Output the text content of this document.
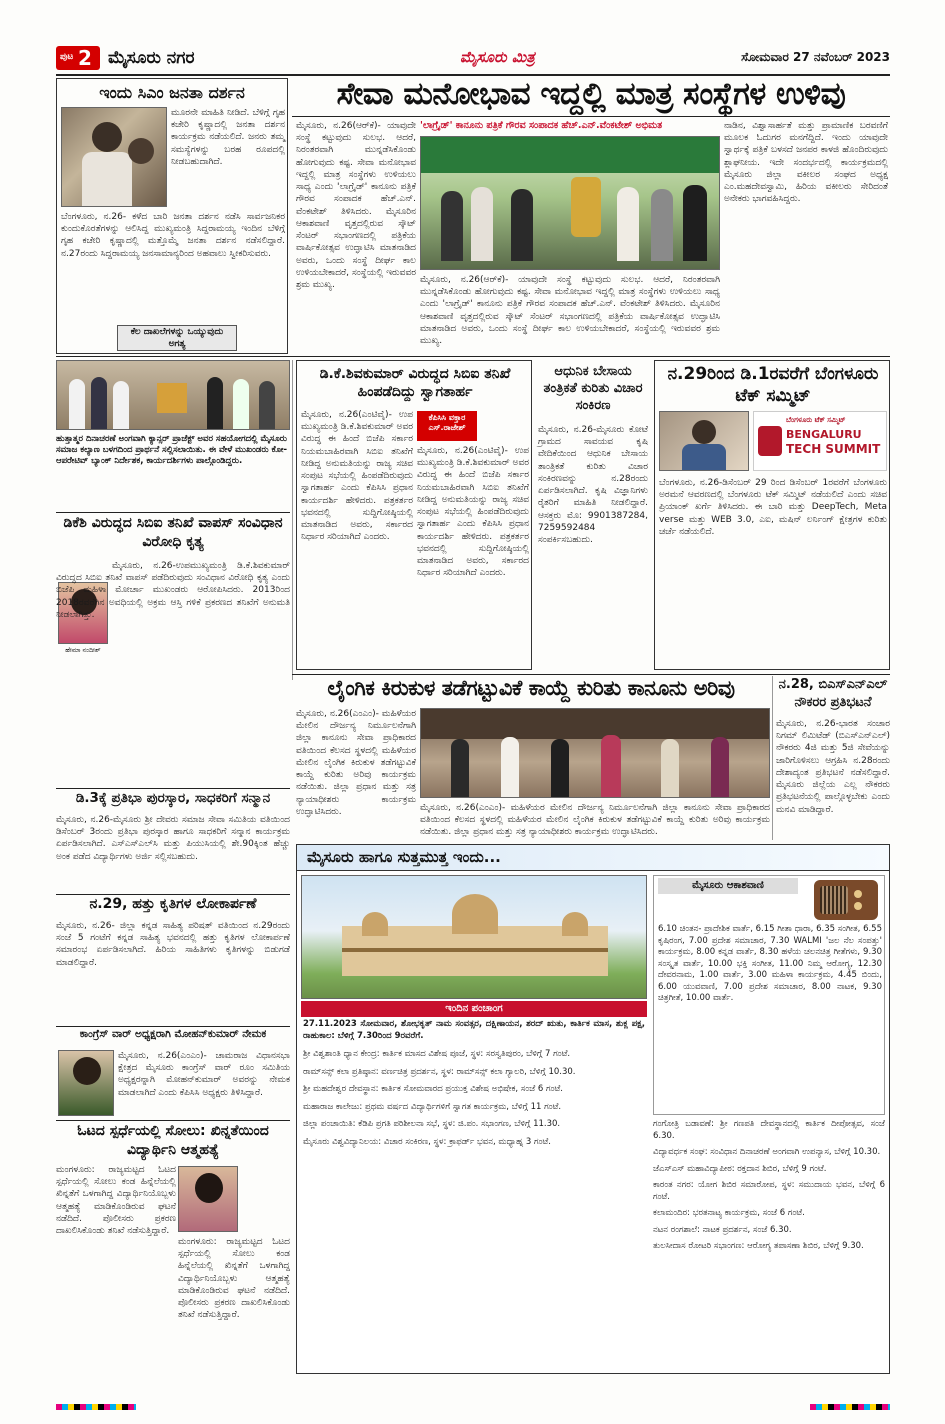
ಪುಟ 2 ಮೈಸೂರು ನಗರ	ಮೈಸೂರು ಮಿತ್ರ	ಸೋಮವಾರ 27 ನವೆಂಬರ್ 2023
ಇಂದು ಸಿಎಂ ಜನತಾ ದರ್ಶನ
ಮೂರನೇ ಮಾಹಿತಿ ನೀಡಿದೆ. ಬೆಳಿಗ್ಗೆ ಗೃಹ ಕಚೇರಿ ಕೃಷ್ಣಾದಲ್ಲಿ ಜನತಾ ದರ್ಶನ ಕಾರ್ಯಕ್ರಮ ನಡೆಯಲಿದೆ. ಜನರು ತಮ್ಮ ಸಮಸ್ಯೆಗಳನ್ನು ಬರಹ ರೂಪದಲ್ಲಿ ನೀಡಬಹುದಾಗಿದೆ.
ಬೆಂಗಳೂರು, ನ.26- ಕಳೆದ ಬಾರಿ ಜನತಾ ದರ್ಶನ ನಡೆಸಿ ಸಾರ್ವಜನಿಕರ ಕುಂದುಕೊರತೆಗಳನ್ನು ಆಲಿಸಿದ್ದ ಮುಖ್ಯಮಂತ್ರಿ ಸಿದ್ದರಾಮಯ್ಯ ಇಂದಿನ ಬೆಳಿಗ್ಗೆ ಗೃಹ ಕಚೇರಿ ಕೃಷ್ಣಾದಲ್ಲಿ ಮತ್ತೊಮ್ಮೆ ಜನತಾ ದರ್ಶನ ನಡೆಸಲಿದ್ದಾರೆ. ನ.27ರಂದು ಸಿದ್ದರಾಮಯ್ಯ ಜನಸಾಮಾನ್ಯರಿಂದ ಅಹವಾಲು ಸ್ವೀಕರಿಸುವರು.
ಕೆಲ ದಾಖಲೆಗಳನ್ನು ಒಯ್ಯುವುದು ಅಗತ್ಯ
ಸೇವಾ ಮನೋಭಾವ ಇದ್ದಲ್ಲಿ ಮಾತ್ರ ಸಂಸ್ಥೆಗಳ ಉಳಿವು
ಮೈಸೂರು, ನ.26(ಆರ್‌ಕೆ)- ಯಾವುದೇ ಸಂಸ್ಥೆ ಕಟ್ಟುವುದು ಸುಲಭ. ಆದರೆ, ನಿರಂತರವಾಗಿ ಮುನ್ನಡೆಸಿಕೊಂಡು ಹೋಗುವುದು ಕಷ್ಟ. ಸೇವಾ ಮನೋಭಾವ ಇದ್ದಲ್ಲಿ ಮಾತ್ರ ಸಂಸ್ಥೆಗಳು ಉಳಿಯಲು ಸಾಧ್ಯ ಎಂದು 'ಲಾಗ್ರೈಡ್' ಕಾನೂನು ಪತ್ರಿಕೆ ಗೌರವ ಸಂಪಾದಕ ಹೆಚ್.ಎನ್. ವೆಂಕಟೇಶ್ ತಿಳಿಸಿದರು. ಮೈಸೂರಿನ ಆಕಾಶವಾಣಿ ವೃತ್ತದಲ್ಲಿರುವ ಸ್ಕೌಟ್ ಸೆಂಟರ್ ಸಭಾಂಗಣದಲ್ಲಿ ಪತ್ರಿಕೆಯ ವಾರ್ಷಿಕೋತ್ಸವ ಉದ್ಘಾಟಿಸಿ ಮಾತನಾಡಿದ ಅವರು, ಒಂದು ಸಂಸ್ಥೆ ದೀರ್ಘ ಕಾಲ ಉಳಿಯಬೇಕಾದರೆ, ಸಂಸ್ಥೆಯಲ್ಲಿ ಇರುವವರ ಶ್ರಮ ಮುಖ್ಯ.
'ಲಾಗ್ರೈಡ್' ಕಾನೂನು ಪತ್ರಿಕೆ ಗೌರವ ಸಂಪಾದಕ ಹೆಚ್.ಎನ್.ವೆಂಕಟೇಶ್ ಅಭಿಮತ	ನಾಡಿನ, ವಿಶ್ವಾಸಾರ್ಹತೆ ಮತ್ತು ಪ್ರಾಮಾಣಿಕ ಬರವಣಿಗೆ ಮೂಲಕ ಓದುಗರ ಮನಗೆದ್ದಿದೆ. ಇಂದು ಯಾವುದೇ ಸ್ವಾರ್ಥಕ್ಕೆ ಪತ್ರಿಕೆ ಬಳಸದೆ ಜನಪರ ಕಾಳಜಿ ಹೊಂದಿರುವುದು ಶ್ಲಾಘನೀಯ. ಇದೇ ಸಂದರ್ಭದಲ್ಲಿ ಕಾರ್ಯಕ್ರಮದಲ್ಲಿ ಮೈಸೂರು ಜಿಲ್ಲಾ ವಕೀಲರ ಸಂಘದ ಅಧ್ಯಕ್ಷ ಎಂ.ಮಹದೇವಸ್ವಾಮಿ, ಹಿರಿಯ ವಕೀಲರು ಸೇರಿದಂತೆ ಅನೇಕರು ಭಾಗವಹಿಸಿದ್ದರು.
ಮೈಸೂರು, ನ.26(ಆರ್‌ಕೆ)- ಯಾವುದೇ ಸಂಸ್ಥೆ ಕಟ್ಟುವುದು ಸುಲಭ. ಆದರೆ, ನಿರಂತರವಾಗಿ ಮುನ್ನಡೆಸಿಕೊಂಡು ಹೋಗುವುದು ಕಷ್ಟ. ಸೇವಾ ಮನೋಭಾವ ಇದ್ದಲ್ಲಿ ಮಾತ್ರ ಸಂಸ್ಥೆಗಳು ಉಳಿಯಲು ಸಾಧ್ಯ ಎಂದು 'ಲಾಗ್ರೈಡ್' ಕಾನೂನು ಪತ್ರಿಕೆ ಗೌರವ ಸಂಪಾದಕ ಹೆಚ್.ಎನ್. ವೆಂಕಟೇಶ್ ತಿಳಿಸಿದರು. ಮೈಸೂರಿನ ಆಕಾಶವಾಣಿ ವೃತ್ತದಲ್ಲಿರುವ ಸ್ಕೌಟ್ ಸೆಂಟರ್ ಸಭಾಂಗಣದಲ್ಲಿ ಪತ್ರಿಕೆಯ ವಾರ್ಷಿಕೋತ್ಸವ ಉದ್ಘಾಟಿಸಿ ಮಾತನಾಡಿದ ಅವರು, ಒಂದು ಸಂಸ್ಥೆ ದೀರ್ಘ ಕಾಲ ಉಳಿಯಬೇಕಾದರೆ, ಸಂಸ್ಥೆಯಲ್ಲಿ ಇರುವವರ ಶ್ರಮ ಮುಖ್ಯ.
ಹುತ್ತಾತ್ಮರ ದಿನಾಚರಣೆ ಅಂಗವಾಗಿ ಕ್ಯಾನ್ಸರ್ ಪ್ರಾಜೆಕ್ಟ್ ಅವರ ಸಹಯೋಗದಲ್ಲಿ ಮೈಸೂರು ಸಮಾಜ ಕಲ್ಯಾಣ ಬಳಗದಿಂದ ಪ್ರಾರ್ಥನೆ ಸಲ್ಲಿಸಲಾಯಿತು. ಈ ವೇಳೆ ಮುಖಂಡರು ಕೋ-ಆಪರೇಟಿವ್ ಬ್ಯಾಂಕ್ ನಿರ್ದೇಶಕ, ಕಾರ್ಯದರ್ಶಿಗಳು ಪಾಲ್ಗೊಂಡಿದ್ದರು.
ಡಿ.ಕೆ.ಶಿವಕುಮಾರ್ ವಿರುದ್ಧದ ಸಿಬಿಐ ತನಿಖೆ ಹಿಂಪಡೆದಿದ್ದು ಸ್ವಾಗತಾರ್ಹ
ಮೈಸೂರು, ನ.26(ಎಂಟಿವೈ)- ಉಪ ಮುಖ್ಯಮಂತ್ರಿ ಡಿ.ಕೆ.ಶಿವಕುಮಾರ್ ಅವರ ವಿರುದ್ಧ ಈ ಹಿಂದೆ ಬಿಜೆಪಿ ಸರ್ಕಾರ ನಿಯಮಬಾಹಿರವಾಗಿ ಸಿಬಿಐ ತನಿಖೆಗೆ ನೀಡಿದ್ದ ಅನುಮತಿಯನ್ನು ರಾಜ್ಯ ಸಚಿವ ಸಂಪುಟ ಸಭೆಯಲ್ಲಿ ಹಿಂಪಡೆದಿರುವುದು ಸ್ವಾಗತಾರ್ಹ ಎಂದು ಕೆಪಿಸಿಸಿ ಪ್ರಧಾನ ಕಾರ್ಯದರ್ಶಿ ಹೇಳಿದರು. ಪತ್ರಕರ್ತರ ಭವನದಲ್ಲಿ ಸುದ್ದಿಗೋಷ್ಠಿಯಲ್ಲಿ ಮಾತನಾಡಿದ ಅವರು, ಸರ್ಕಾರದ ನಿರ್ಧಾರ ಸರಿಯಾಗಿದೆ ಎಂದರು.
ಕೆಪಿಸಿಸಿ ವಕ್ತಾರ ಎಸ್.ರಾಜೇಶ್
ಮೈಸೂರು, ನ.26(ಎಂಟಿವೈ)- ಉಪ ಮುಖ್ಯಮಂತ್ರಿ ಡಿ.ಕೆ.ಶಿವಕುಮಾರ್ ಅವರ ವಿರುದ್ಧ ಈ ಹಿಂದೆ ಬಿಜೆಪಿ ಸರ್ಕಾರ ನಿಯಮಬಾಹಿರವಾಗಿ ಸಿಬಿಐ ತನಿಖೆಗೆ ನೀಡಿದ್ದ ಅನುಮತಿಯನ್ನು ರಾಜ್ಯ ಸಚಿವ ಸಂಪುಟ ಸಭೆಯಲ್ಲಿ ಹಿಂಪಡೆದಿರುವುದು ಸ್ವಾಗತಾರ್ಹ ಎಂದು ಕೆಪಿಸಿಸಿ ಪ್ರಧಾನ ಕಾರ್ಯದರ್ಶಿ ಹೇಳಿದರು. ಪತ್ರಕರ್ತರ ಭವನದಲ್ಲಿ ಸುದ್ದಿಗೋಷ್ಠಿಯಲ್ಲಿ ಮಾತನಾಡಿದ ಅವರು, ಸರ್ಕಾರದ ನಿರ್ಧಾರ ಸರಿಯಾಗಿದೆ ಎಂದರು.
ಆಧುನಿಕ ಬೇಸಾಯ ತಂತ್ರಿಕತೆ ಕುರಿತು ವಿಚಾರ ಸಂಕಿರಣ
ಮೈಸೂರು, ನ.26-ಮೈಸೂರು ಕೋಟೆ ಗ್ರಾಮದ ಸಾವಯವ ಕೃಷಿ ವೇದಿಕೆಯಿಂದ ಆಧುನಿಕ ಬೇಸಾಯ ತಾಂತ್ರಿಕತೆ ಕುರಿತು ವಿಚಾರ ಸಂಕಿರಣವನ್ನು ನ.28ರಂದು ಏರ್ಪಡಿಸಲಾಗಿದೆ. ಕೃಷಿ ವಿಜ್ಞಾನಿಗಳು ರೈತರಿಗೆ ಮಾಹಿತಿ ನೀಡಲಿದ್ದಾರೆ. ಆಸಕ್ತರು ಮೊ: 9901387284, 7259592484 ಸಂಪರ್ಕಿಸಬಹುದು.
ನ.29ರಿಂದ ಡಿ.1ರವರೆಗೆ ಬೆಂಗಳೂರು ಟೆಕ್ ಸಮ್ಮಿಟ್
ಬೆಂಗಳೂರು ಟೆಕ್ ಸಮ್ಮಿಟ್
BENGALURU
TECH SUMMIT
ಬೆಂಗಳೂರು, ನ.26-ಡಿಸೆಂಬರ್ 29 ರಿಂದ ಡಿಸೆಂಬರ್ 1ರವರೆಗೆ ಬೆಂಗಳೂರು ಅರಮನೆ ಆವರಣದಲ್ಲಿ ಬೆಂಗಳೂರು ಟೆಕ್ ಸಮ್ಮಿಟ್ ನಡೆಯಲಿದೆ ಎಂದು ಸಚಿವ ಪ್ರಿಯಾಂಕ್ ಖರ್ಗೆ ತಿಳಿಸಿದರು. ಈ ಬಾರಿ ಮತ್ತು DeepTech, Meta verse ಮತ್ತು WEB 3.0, ಎಐ, ಮಷಿನ್ ಲರ್ನಿಂಗ್ ಕ್ಷೇತ್ರಗಳ ಕುರಿತು ಚರ್ಚೆ ನಡೆಯಲಿದೆ.
ಡಿಕೆಶಿ ವಿರುದ್ಧದ ಸಿಬಿಐ ತನಿಖೆ ವಾಪಸ್ ಸಂವಿಧಾನ ವಿರೋಧಿ ಕೃತ್ಯ
ಹೇಮಾ ನಂದೀಶ್
ಮೈಸೂರು, ನ.26-ಉಪಮುಖ್ಯಮಂತ್ರಿ ಡಿ.ಕೆ.ಶಿವಕುಮಾರ್ ವಿರುದ್ಧದ ಸಿಬಿಐ ತನಿಖೆ ವಾಪಸ್ ಪಡೆದಿರುವುದು ಸಂವಿಧಾನ ವಿರೋಧಿ ಕೃತ್ಯ ಎಂದು ಬಿಜೆಪಿ ಮಹಿಳಾ ಮೋರ್ಚಾ ಮುಖಂಡರು ಆರೋಪಿಸಿದರು. 2013ರಿಂದ 2018ರವರೆಗಿನ ಅವಧಿಯಲ್ಲಿ ಅಕ್ರಮ ಆಸ್ತಿ ಗಳಿಕೆ ಪ್ರಕರಣದ ತನಿಖೆಗೆ ಅನುಮತಿ ನೀಡಲಾಗಿತ್ತು.
ಡಿ.3ಕ್ಕೆ ಪ್ರತಿಭಾ ಪುರಸ್ಕಾರ, ಸಾಧಕರಿಗೆ ಸನ್ಮಾನ
ಮೈಸೂರು, ನ.26-ಮೈಸೂರು ಶ್ರೀ ದೇವರು ಸಮಾಜ ಸೇವಾ ಸಮಿತಿಯ ವತಿಯಿಂದ ಡಿಸೆಂಬರ್ 3ರಂದು ಪ್ರತಿಭಾ ಪುರಸ್ಕಾರ ಹಾಗೂ ಸಾಧಕರಿಗೆ ಸನ್ಮಾನ ಕಾರ್ಯಕ್ರಮ ಏರ್ಪಡಿಸಲಾಗಿದೆ. ಎಸ್‌ಎಸ್‌ಎಲ್‌ಸಿ ಮತ್ತು ಪಿಯುಸಿಯಲ್ಲಿ ಶೇ.90ಕ್ಕಿಂತ ಹೆಚ್ಚು ಅಂಕ ಪಡೆದ ವಿದ್ಯಾರ್ಥಿಗಳು ಅರ್ಜಿ ಸಲ್ಲಿಸಬಹುದು.
ನ.29, ಹತ್ತು ಕೃತಿಗಳ ಲೋಕಾರ್ಪಣೆ
ಮೈಸೂರು, ನ.26- ಜಿಲ್ಲಾ ಕನ್ನಡ ಸಾಹಿತ್ಯ ಪರಿಷತ್ ವತಿಯಿಂದ ನ.29ರಂದು ಸಂಜೆ 5 ಗಂಟೆಗೆ ಕನ್ನಡ ಸಾಹಿತ್ಯ ಭವನದಲ್ಲಿ ಹತ್ತು ಕೃತಿಗಳ ಲೋಕಾರ್ಪಣೆ ಸಮಾರಂಭ ಏರ್ಪಡಿಸಲಾಗಿದೆ. ಹಿರಿಯ ಸಾಹಿತಿಗಳು ಕೃತಿಗಳನ್ನು ಬಿಡುಗಡೆ ಮಾಡಲಿದ್ದಾರೆ.
ಕಾಂಗ್ರೆಸ್ ವಾರ್ ಅಧ್ಯಕ್ಷರಾಗಿ ಮೋಹನ್‌ಕುಮಾರ್ ನೇಮಕ
ಮೈಸೂರು, ನ.26(ಎಂಎಂ)- ಚಾಮರಾಜ ವಿಧಾನಸಭಾ ಕ್ಷೇತ್ರದ ಮೈಸೂರು ಕಾಂಗ್ರೆಸ್ ವಾರ್ ರೂಂ ಸಮಿತಿಯ ಅಧ್ಯಕ್ಷರನ್ನಾಗಿ ಮೋಹನ್‌ಕುಮಾರ್ ಅವರನ್ನು ನೇಮಕ ಮಾಡಲಾಗಿದೆ ಎಂದು ಕೆಪಿಸಿಸಿ ಅಧ್ಯಕ್ಷರು ತಿಳಿಸಿದ್ದಾರೆ.
ಓಟದ ಸ್ಪರ್ಧೆಯಲ್ಲಿ ಸೋಲು: ಖಿನ್ನತೆಯಿಂದ ವಿದ್ಯಾರ್ಥಿನಿ ಆತ್ಮಹತ್ಯೆ
ಮಂಗಳೂರು: ರಾಜ್ಯಮಟ್ಟದ ಓಟದ ಸ್ಪರ್ಧೆಯಲ್ಲಿ ಸೋಲು ಕಂಡ ಹಿನ್ನೆಲೆಯಲ್ಲಿ ಖಿನ್ನತೆಗೆ ಒಳಗಾಗಿದ್ದ ವಿದ್ಯಾರ್ಥಿನಿಯೊಬ್ಬಳು ಆತ್ಮಹತ್ಯೆ ಮಾಡಿಕೊಂಡಿರುವ ಘಟನೆ ನಡೆದಿದೆ. ಪೊಲೀಸರು ಪ್ರಕರಣ ದಾಖಲಿಸಿಕೊಂಡು ತನಿಖೆ ನಡೆಸುತ್ತಿದ್ದಾರೆ.
ಮಂಗಳೂರು: ರಾಜ್ಯಮಟ್ಟದ ಓಟದ ಸ್ಪರ್ಧೆಯಲ್ಲಿ ಸೋಲು ಕಂಡ ಹಿನ್ನೆಲೆಯಲ್ಲಿ ಖಿನ್ನತೆಗೆ ಒಳಗಾಗಿದ್ದ ವಿದ್ಯಾರ್ಥಿನಿಯೊಬ್ಬಳು ಆತ್ಮಹತ್ಯೆ ಮಾಡಿಕೊಂಡಿರುವ ಘಟನೆ ನಡೆದಿದೆ. ಪೊಲೀಸರು ಪ್ರಕರಣ ದಾಖಲಿಸಿಕೊಂಡು ತನಿಖೆ ನಡೆಸುತ್ತಿದ್ದಾರೆ.
ಲೈಂಗಿಕ ಕಿರುಕುಳ ತಡೆಗಟ್ಟುವಿಕೆ ಕಾಯ್ದೆ ಕುರಿತು ಕಾನೂನು ಅರಿವು
ಮೈಸೂರು, ನ.26(ಎಂಎಂ)- ಮಹಿಳೆಯರ ಮೇಲಿನ ದೌರ್ಜನ್ಯ ನಿರ್ಮೂಲನೆಗಾಗಿ ಜಿಲ್ಲಾ ಕಾನೂನು ಸೇವಾ ಪ್ರಾಧಿಕಾರದ ವತಿಯಿಂದ ಕೆಲಸದ ಸ್ಥಳದಲ್ಲಿ ಮಹಿಳೆಯರ ಮೇಲಿನ ಲೈಂಗಿಕ ಕಿರುಕುಳ ತಡೆಗಟ್ಟುವಿಕೆ ಕಾಯ್ದೆ ಕುರಿತು ಅರಿವು ಕಾರ್ಯಕ್ರಮ ನಡೆಯಿತು. ಜಿಲ್ಲಾ ಪ್ರಧಾನ ಮತ್ತು ಸತ್ರ ನ್ಯಾಯಾಧೀಶರು ಕಾರ್ಯಕ್ರಮ ಉದ್ಘಾಟಿಸಿದರು.	ಮೈಸೂರು, ನ.26(ಎಂಎಂ)- ಮಹಿಳೆಯರ ಮೇಲಿನ ದೌರ್ಜನ್ಯ ನಿರ್ಮೂಲನೆಗಾಗಿ ಜಿಲ್ಲಾ ಕಾನೂನು ಸೇವಾ ಪ್ರಾಧಿಕಾರದ ವತಿಯಿಂದ ಕೆಲಸದ ಸ್ಥಳದಲ್ಲಿ ಮಹಿಳೆಯರ ಮೇಲಿನ ಲೈಂಗಿಕ ಕಿರುಕುಳ ತಡೆಗಟ್ಟುವಿಕೆ ಕಾಯ್ದೆ ಕುರಿತು ಅರಿವು ಕಾರ್ಯಕ್ರಮ ನಡೆಯಿತು. ಜಿಲ್ಲಾ ಪ್ರಧಾನ ಮತ್ತು ಸತ್ರ ನ್ಯಾಯಾಧೀಶರು ಕಾರ್ಯಕ್ರಮ ಉದ್ಘಾಟಿಸಿದರು.
ನ.28, ಬಿಎಸ್‌ಎನ್‌ಎಲ್ ನೌಕರರ ಪ್ರತಿಭಟನೆ
ಮೈಸೂರು, ನ.26-ಭಾರತ ಸಂಚಾರ ನಿಗಮ್ ಲಿಮಿಟೆಡ್ (ಬಿಎಸ್‌ಎನ್‌ಎಲ್) ನೌಕರರು 4ಜಿ ಮತ್ತು 5ಜಿ ಸೇವೆಯನ್ನು ಜಾರಿಗೊಳಿಸಲು ಆಗ್ರಹಿಸಿ ನ.28ರಂದು ದೇಶಾದ್ಯಂತ ಪ್ರತಿಭಟನೆ ನಡೆಸಲಿದ್ದಾರೆ. ಮೈಸೂರು ಜಿಲ್ಲೆಯ ಎಲ್ಲ ನೌಕರರು ಪ್ರತಿಭಟನೆಯಲ್ಲಿ ಪಾಲ್ಗೊಳ್ಳಬೇಕು ಎಂದು ಮನವಿ ಮಾಡಿದ್ದಾರೆ.
ಮೈಸೂರು ಹಾಗೂ ಸುತ್ತಮುತ್ತ ಇಂದು...
ಇಂದಿನ ಪಂಚಾಂಗ
27.11.2023 ಸೋಮವಾರ, ಶೋಭಕೃತ್ ನಾಮ ಸಂವತ್ಸರ, ದಕ್ಷಿಣಾಯನ, ಶರದ್ ಋತು, ಕಾರ್ತಿಕ ಮಾಸ, ಶುಕ್ಲ ಪಕ್ಷ, ರಾಹುಕಾಲ: ಬೆಳಿಗ್ಗೆ 7.30ರಿಂದ 9ರವರೆಗೆ.
ಮೈಸೂರು ಆಕಾಶವಾಣಿ
6.10 ಚಿಂತನ- ಪ್ರಾದೇಶಿಕ ವಾರ್ತೆ, 6.15 ಗೀತಾ ಧಾರಾ, 6.35 ಸಂಗೀತ, 6.55 ಕೃಷಿರಂಗ, 7.00 ಪ್ರದೇಶ ಸಮಾಚಾರ, 7.30 WALMI 'ಜಲ ನೆಲ ಸಂಪತ್ತು' ಕಾರ್ಯಕ್ರಮ, 8.00 ಕನ್ನಡ ವಾರ್ತೆ, 8.30 ಹಳೆಯ ಚಲನಚಿತ್ರ ಗೀತೆಗಳು, 9.30 ಸಂಸ್ಕೃತ ವಾರ್ತೆ, 10.00 ಭಕ್ತಿ ಸಂಗೀತ, 11.00 ನಿಮ್ಮ ಆರೋಗ್ಯ, 12.30 ದೇವರನಾಮ, 1.00 ವಾರ್ತೆ, 3.00 ಮಹಿಳಾ ಕಾರ್ಯಕ್ರಮ, 4.45 ಬಿಂದು, 6.00 ಯುವವಾಣಿ, 7.00 ಪ್ರದೇಶ ಸಮಾಚಾರ, 8.00 ನಾಟಕ, 9.30 ಚಿತ್ರಗೀತೆ, 10.00 ವಾರ್ತೆ.
ಶ್ರೀ ವಿಶ್ವಶಾಂತಿ ಧ್ಯಾನ ಕೇಂದ್ರ: ಕಾರ್ತಿಕ ಮಾಸದ ವಿಶೇಷ ಪೂಜೆ, ಸ್ಥಳ: ಸರಸ್ವತಿಪುರಂ, ಬೆಳಿಗ್ಗೆ 7 ಗಂಟೆ.
ರಾಮ್‌ಸನ್ಸ್ ಕಲಾ ಪ್ರತಿಷ್ಠಾನ: ವರ್ಣಚಿತ್ರ ಪ್ರದರ್ಶನ, ಸ್ಥಳ: ರಾಮ್‌ಸನ್ಸ್ ಕಲಾ ಗ್ಯಾಲರಿ, ಬೆಳಿಗ್ಗೆ 10.30.
ಶ್ರೀ ಮಹದೇಶ್ವರ ದೇವಸ್ಥಾನ: ಕಾರ್ತಿಕ ಸೋಮವಾರದ ಪ್ರಯುಕ್ತ ವಿಶೇಷ ಅಭಿಷೇಕ, ಸಂಜೆ 6 ಗಂಟೆ.
ಮಹಾರಾಜ ಕಾಲೇಜು: ಪ್ರಥಮ ವರ್ಷದ ವಿದ್ಯಾರ್ಥಿಗಳಿಗೆ ಸ್ವಾಗತ ಕಾರ್ಯಕ್ರಮ, ಬೆಳಿಗ್ಗೆ 11 ಗಂಟೆ.
ಜಿಲ್ಲಾ ಪಂಚಾಯಿತಿ: ಕೆಡಿಪಿ ಪ್ರಗತಿ ಪರಿಶೀಲನಾ ಸಭೆ, ಸ್ಥಳ: ಜಿ.ಪಂ. ಸಭಾಂಗಣ, ಬೆಳಿಗ್ಗೆ 11.30.
ಮೈಸೂರು ವಿಶ್ವವಿದ್ಯಾನಿಲಯ: ವಿಚಾರ ಸಂಕಿರಣ, ಸ್ಥಳ: ಕ್ರಾಫರ್ಡ್ ಭವನ, ಮಧ್ಯಾಹ್ನ 3 ಗಂಟೆ.
ಗಂಗೋತ್ರಿ ಬಡಾವಣೆ: ಶ್ರೀ ಗಣಪತಿ ದೇವಸ್ಥಾನದಲ್ಲಿ ಕಾರ್ತಿಕ ದೀಪೋತ್ಸವ, ಸಂಜೆ 6.30.
ವಿದ್ಯಾವರ್ಧಕ ಸಂಘ: ಸಂವಿಧಾನ ದಿನಾಚರಣೆ ಅಂಗವಾಗಿ ಉಪನ್ಯಾಸ, ಬೆಳಿಗ್ಗೆ 10.30.
ಜೆಎಸ್‌ಎಸ್ ಮಹಾವಿದ್ಯಾಪೀಠ: ರಕ್ತದಾನ ಶಿಬಿರ, ಬೆಳಿಗ್ಗೆ 9 ಗಂಟೆ.
ಕಾರಂತ ನಗರ: ಯೋಗ ಶಿಬಿರ ಸಮಾರೋಪ, ಸ್ಥಳ: ಸಮುದಾಯ ಭವನ, ಬೆಳಿಗ್ಗೆ 6 ಗಂಟೆ.
ಕಲಾಮಂದಿರ: ಭರತನಾಟ್ಯ ಕಾರ್ಯಕ್ರಮ, ಸಂಜೆ 6 ಗಂಟೆ.
ನಟನ ರಂಗಶಾಲೆ: ನಾಟಕ ಪ್ರದರ್ಶನ, ಸಂಜೆ 6.30.
ತುಲಸೀದಾಸ ರೋಟರಿ ಸಭಾಂಗಣ: ಆರೋಗ್ಯ ತಪಾಸಣಾ ಶಿಬಿರ, ಬೆಳಿಗ್ಗೆ 9.30.
